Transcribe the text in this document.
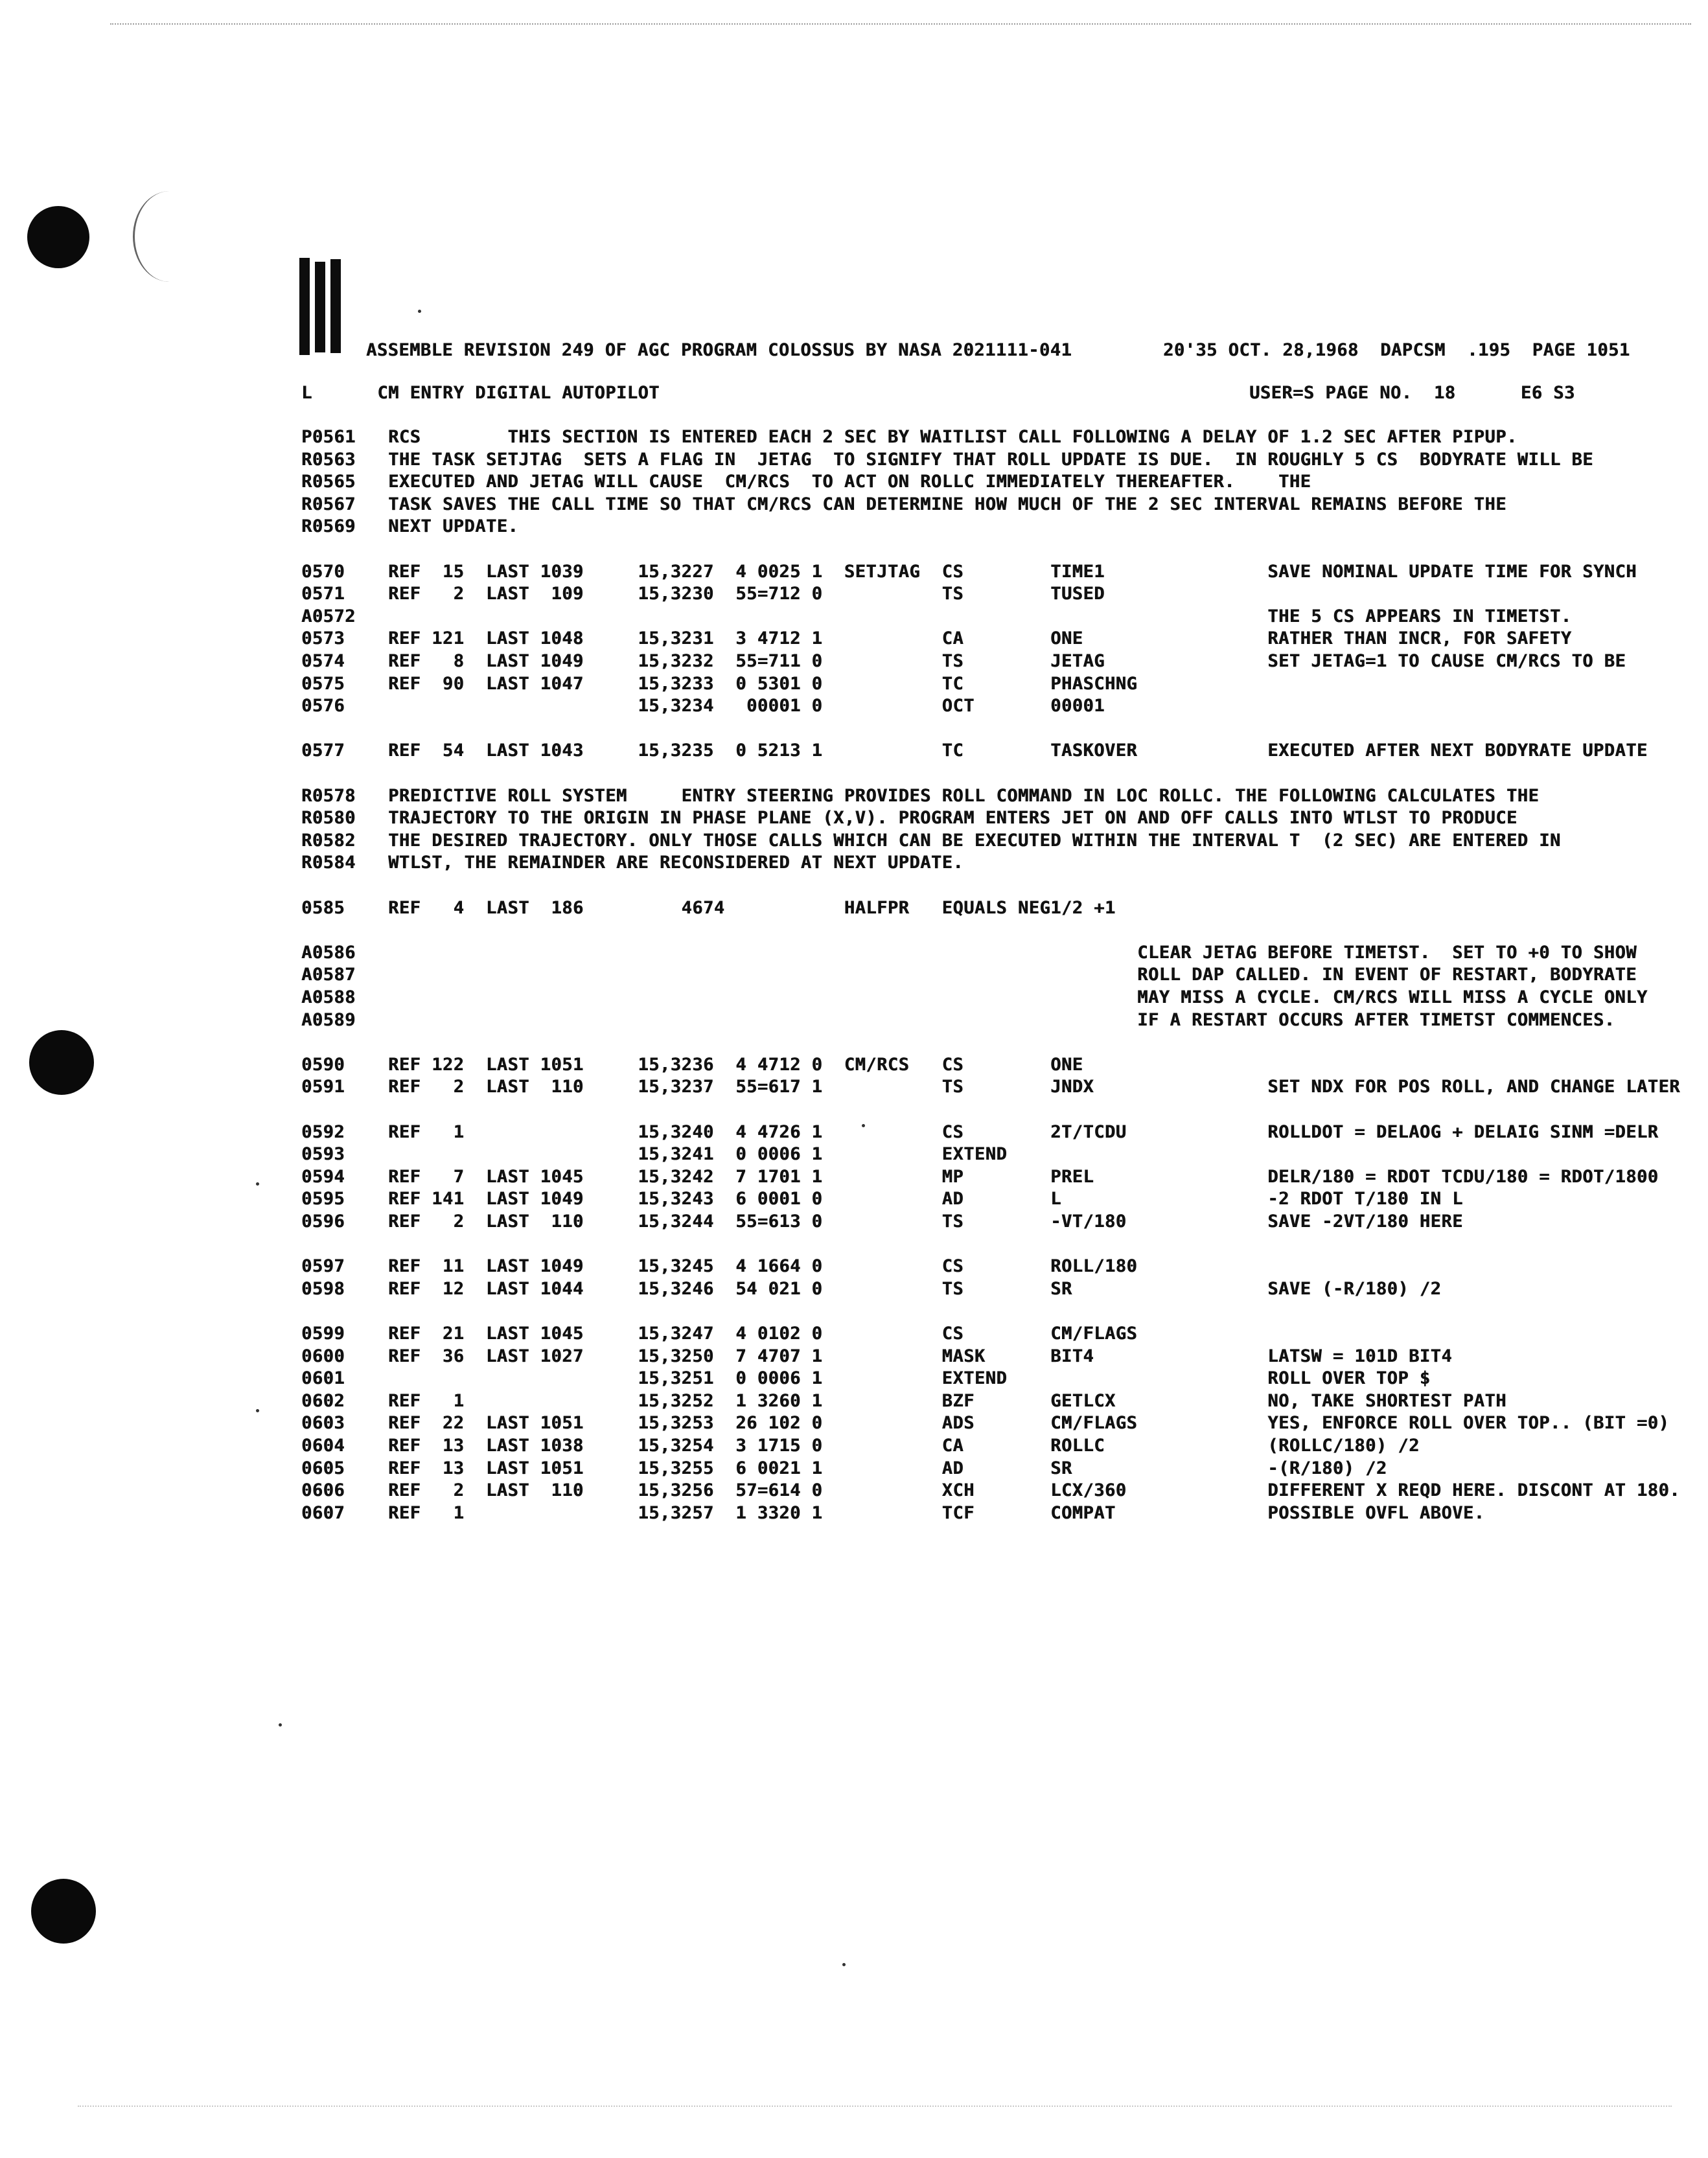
ASSEMBLE REVISION 249 OF AGC PROGRAM COLOSSUS BY NASA 2021111-041	20'35 OCT. 28,1968  DAPCSM  .195  PAGE 1051
L      CM ENTRY DIGITAL AUTOPILOT	USER=S PAGE NO.  18      E6 S3
P0561   RCS        THIS SECTION IS ENTERED EACH 2 SEC BY WAITLIST CALL FOLLOWING A DELAY OF 1.2 SEC AFTER PIPUP.
R0563   THE TASK SETJTAG  SETS A FLAG IN  JETAG  TO SIGNIFY THAT ROLL UPDATE IS DUE.  IN ROUGHLY 5 CS  BODYRATE WILL BE
R0565   EXECUTED AND JETAG WILL CAUSE  CM/RCS  TO ACT ON ROLLC IMMEDIATELY THEREAFTER.    THE
R0567   TASK SAVES THE CALL TIME SO THAT CM/RCS CAN DETERMINE HOW MUCH OF THE 2 SEC INTERVAL REMAINS BEFORE THE
R0569   NEXT UPDATE.
0570    REF  15  LAST 1039     15,3227  4 0025 1  SETJTAG  CS        TIME1               SAVE NOMINAL UPDATE TIME FOR SYNCH
0571    REF   2  LAST  109     15,3230  55=712 0           TS        TUSED
A0572                                                                                    THE 5 CS APPEARS IN TIMETST.
0573    REF 121  LAST 1048     15,3231  3 4712 1           CA        ONE                 RATHER THAN INCR, FOR SAFETY
0574    REF   8  LAST 1049     15,3232  55=711 0           TS        JETAG               SET JETAG=1 TO CAUSE CM/RCS TO BE
0575    REF  90  LAST 1047     15,3233  0 5301 0           TC        PHASCHNG
0576                           15,3234   00001 0           OCT       00001
0577    REF  54  LAST 1043     15,3235  0 5213 1           TC        TASKOVER            EXECUTED AFTER NEXT BODYRATE UPDATE
R0578   PREDICTIVE ROLL SYSTEM     ENTRY STEERING PROVIDES ROLL COMMAND IN LOC ROLLC. THE FOLLOWING CALCULATES THE
R0580   TRAJECTORY TO THE ORIGIN IN PHASE PLANE (X,V). PROGRAM ENTERS JET ON AND OFF CALLS INTO WTLST TO PRODUCE
R0582   THE DESIRED TRAJECTORY. ONLY THOSE CALLS WHICH CAN BE EXECUTED WITHIN THE INTERVAL T  (2 SEC) ARE ENTERED IN
R0584   WTLST, THE REMAINDER ARE RECONSIDERED AT NEXT UPDATE.
0585    REF   4  LAST  186         4674           HALFPR   EQUALS NEG1/2 +1
A0586                                                                        CLEAR JETAG BEFORE TIMETST.  SET TO +0 TO SHOW
A0587                                                                        ROLL DAP CALLED. IN EVENT OF RESTART, BODYRATE
A0588                                                                        MAY MISS A CYCLE. CM/RCS WILL MISS A CYCLE ONLY
A0589                                                                        IF A RESTART OCCURS AFTER TIMETST COMMENCES.
0590    REF 122  LAST 1051     15,3236  4 4712 0  CM/RCS   CS        ONE
0591    REF   2  LAST  110     15,3237  55=617 1           TS        JNDX                SET NDX FOR POS ROLL, AND CHANGE LATER
0592    REF   1                15,3240  4 4726 1           CS        2T/TCDU             ROLLDOT = DELAOG + DELAIG SINM =DELR
0593                           15,3241  0 0006 1           EXTEND
0594    REF   7  LAST 1045     15,3242  7 1701 1           MP        PREL                DELR/180 = RDOT TCDU/180 = RDOT/1800
0595    REF 141  LAST 1049     15,3243  6 0001 0           AD        L                   -2 RDOT T/180 IN L
0596    REF   2  LAST  110     15,3244  55=613 0           TS        -VT/180             SAVE -2VT/180 HERE
0597    REF  11  LAST 1049     15,3245  4 1664 0           CS        ROLL/180
0598    REF  12  LAST 1044     15,3246  54 021 0           TS        SR                  SAVE (-R/180) /2
0599    REF  21  LAST 1045     15,3247  4 0102 0           CS        CM/FLAGS
0600    REF  36  LAST 1027     15,3250  7 4707 1           MASK      BIT4                LATSW = 101D BIT4
0601                           15,3251  0 0006 1           EXTEND                        ROLL OVER TOP $
0602    REF   1                15,3252  1 3260 1           BZF       GETLCX              NO, TAKE SHORTEST PATH
0603    REF  22  LAST 1051     15,3253  26 102 0           ADS       CM/FLAGS            YES, ENFORCE ROLL OVER TOP.. (BIT =0)
0604    REF  13  LAST 1038     15,3254  3 1715 0           CA        ROLLC               (ROLLC/180) /2
0605    REF  13  LAST 1051     15,3255  6 0021 1           AD        SR                  -(R/180) /2
0606    REF   2  LAST  110     15,3256  57=614 0           XCH       LCX/360             DIFFERENT X REQD HERE. DISCONT AT 180.
0607    REF   1                15,3257  1 3320 1           TCF       COMPAT              POSSIBLE OVFL ABOVE.
